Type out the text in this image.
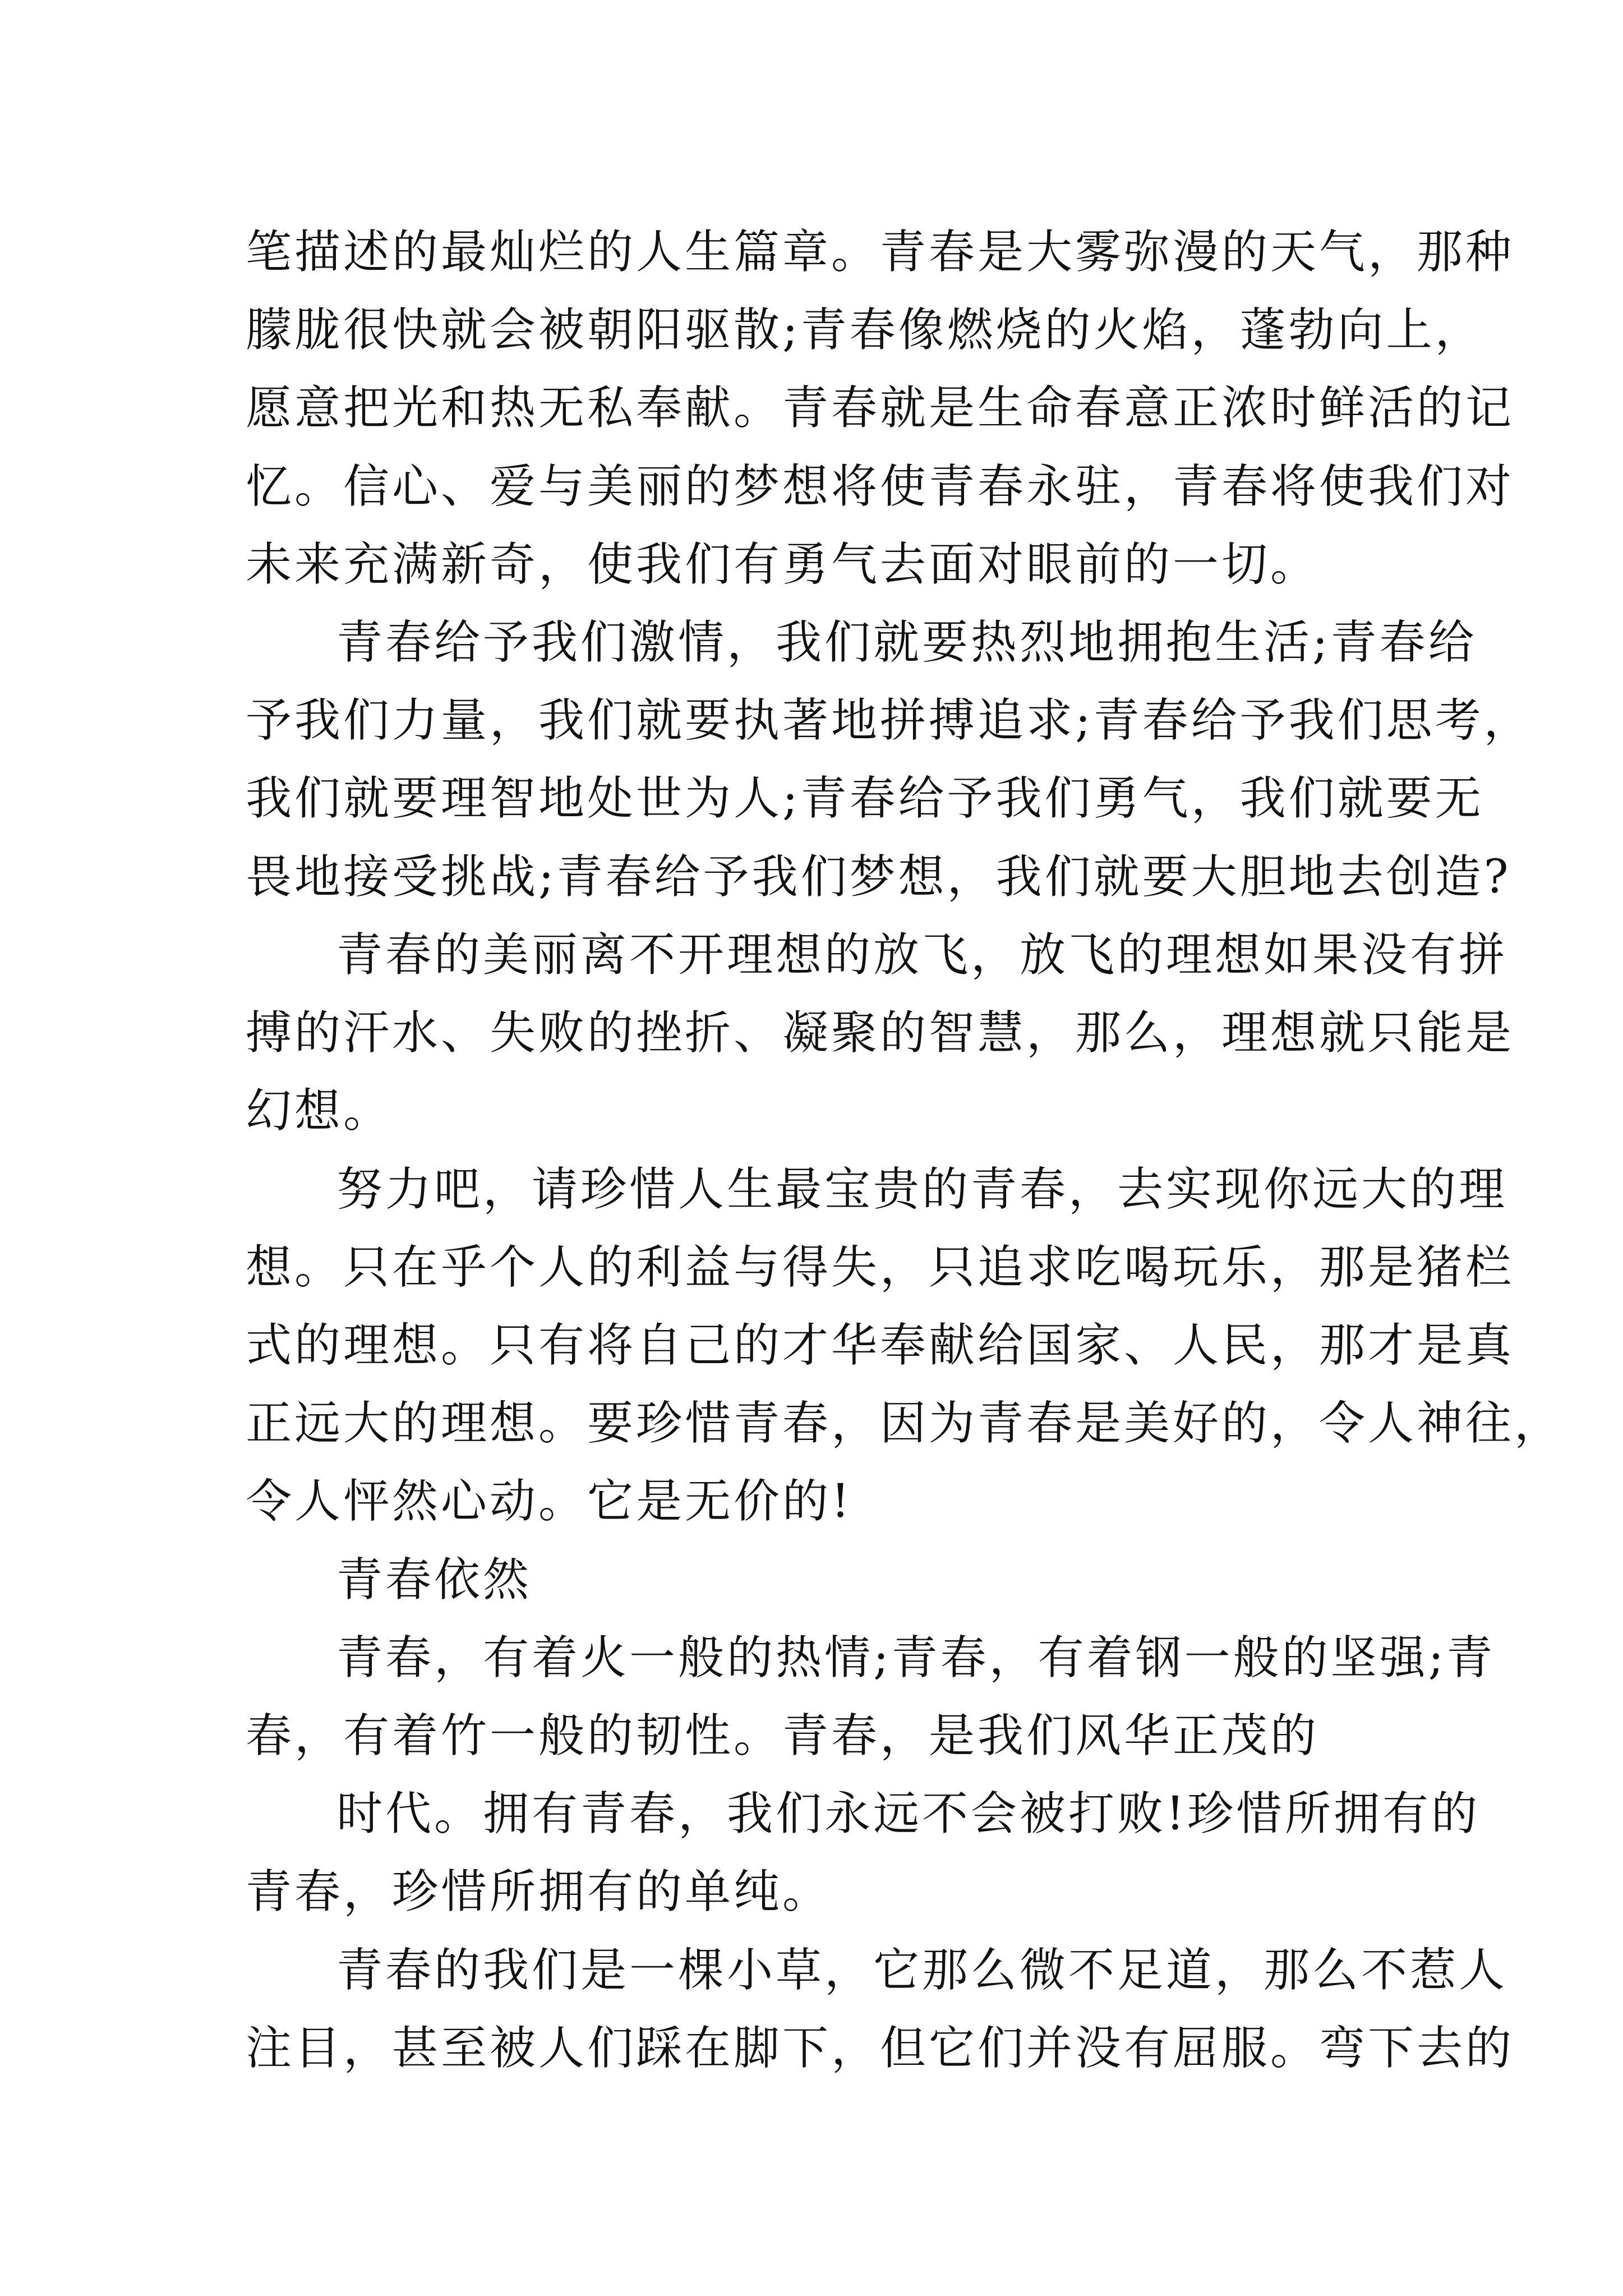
笔描述的最灿烂的人生篇章。青春是大雾弥漫的天气，那种
朦胧很快就会被朝阳驱散;青春像燃烧的火焰，蓬勃向上，
愿意把光和热无私奉献。青春就是生命春意正浓时鲜活的记
忆。信心、爱与美丽的梦想将使青春永驻，青春将使我们对
未来充满新奇，使我们有勇气去面对眼前的一切。
青春给予我们激情，我们就要热烈地拥抱生活;青春给
予我们力量，我们就要执著地拼搏追求;青春给予我们思考，
我们就要理智地处世为人;青春给予我们勇气，我们就要无
畏地接受挑战;青春给予我们梦想，我们就要大胆地去创造?
青春的美丽离不开理想的放飞，放飞的理想如果没有拼
搏的汗水、失败的挫折、凝聚的智慧，那么，理想就只能是
幻想。
努力吧，请珍惜人生最宝贵的青春，去实现你远大的理
想。只在乎个人的利益与得失，只追求吃喝玩乐，那是猪栏
式的理想。只有将自己的才华奉献给国家、人民，那才是真
正远大的理想。要珍惜青春，因为青春是美好的，令人神往，
令人怦然心动。它是无价的!
青春依然
青春，有着火一般的热情;青春，有着钢一般的坚强;青
春，有着竹一般的韧性。青春，是我们风华正茂的
时代。拥有青春，我们永远不会被打败!珍惜所拥有的
青春，珍惜所拥有的单纯。
青春的我们是一棵小草，它那么微不足道，那么不惹人
注目，甚至被人们踩在脚下，但它们并没有屈服。弯下去的
